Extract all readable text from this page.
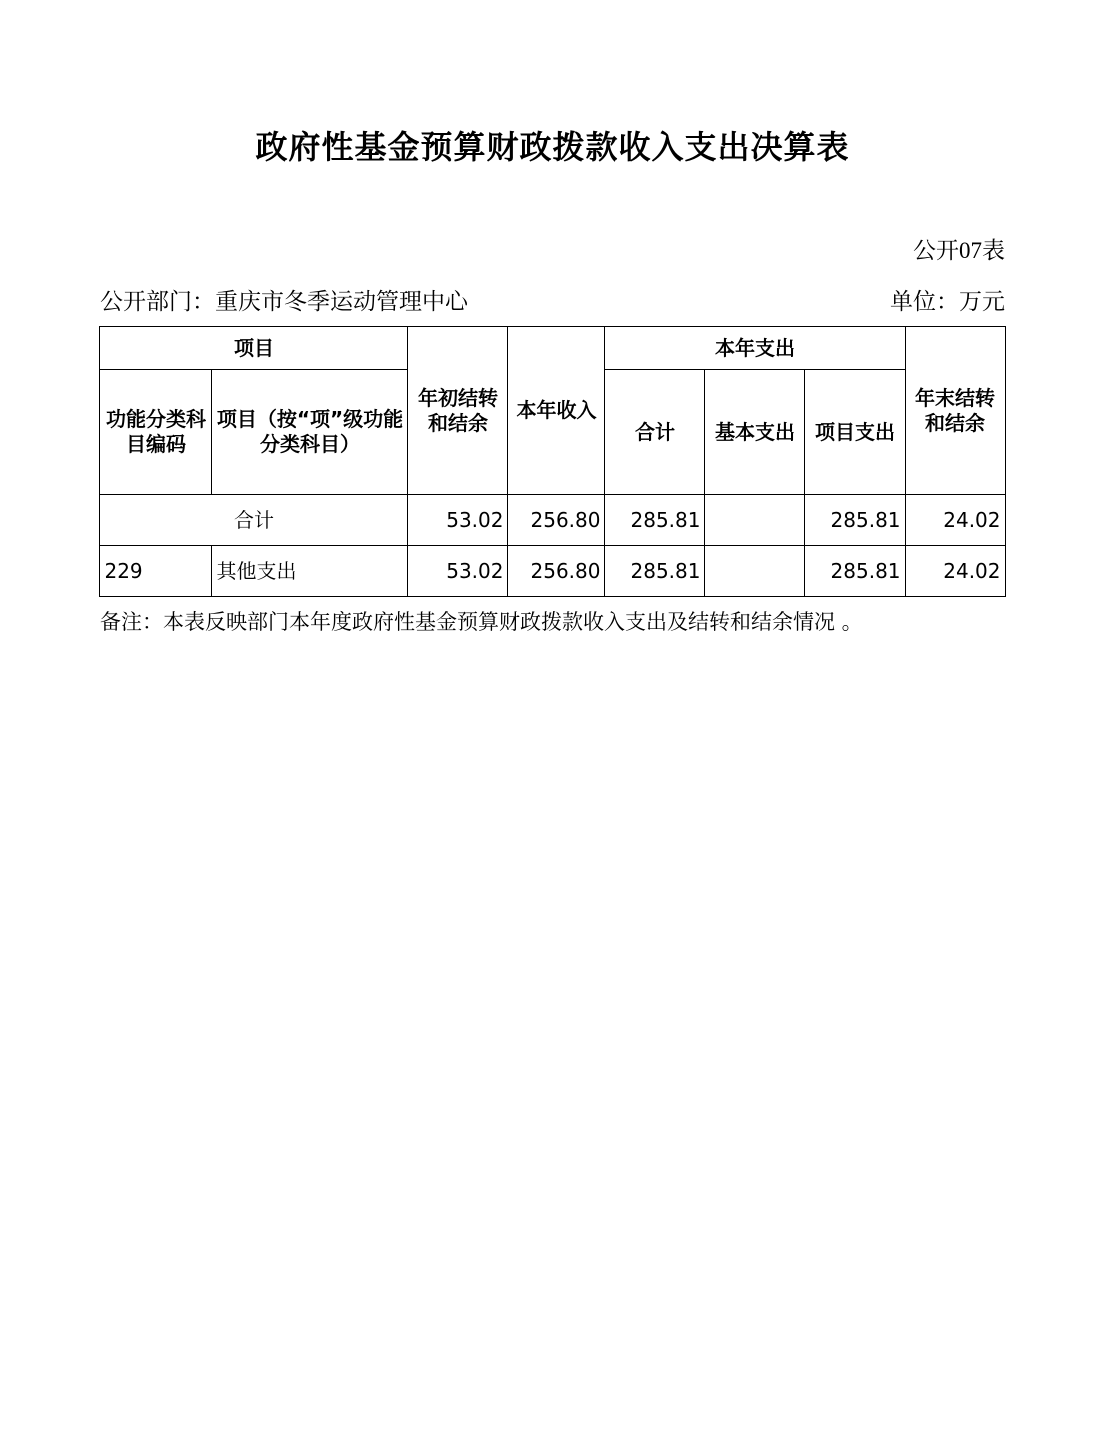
政府性基金预算财政拨款收入支出决算表
公开07表
公开部门：重庆市冬季运动管理中心	单位：万元
项目		年初结转和结余	本年收入	本年支出			年末结转和结余
功能分类科目编码	项目（按“项”级功能分类科目）			合计	基本支出	项目支出	
合计		53.02	256.80	285.81		285.81	24.02
229	其他支出	53.02	256.80	285.81		285.81	24.02
备注：本表反映部门本年度政府性基金预算财政拨款收入支出及结转和结余情况 。
